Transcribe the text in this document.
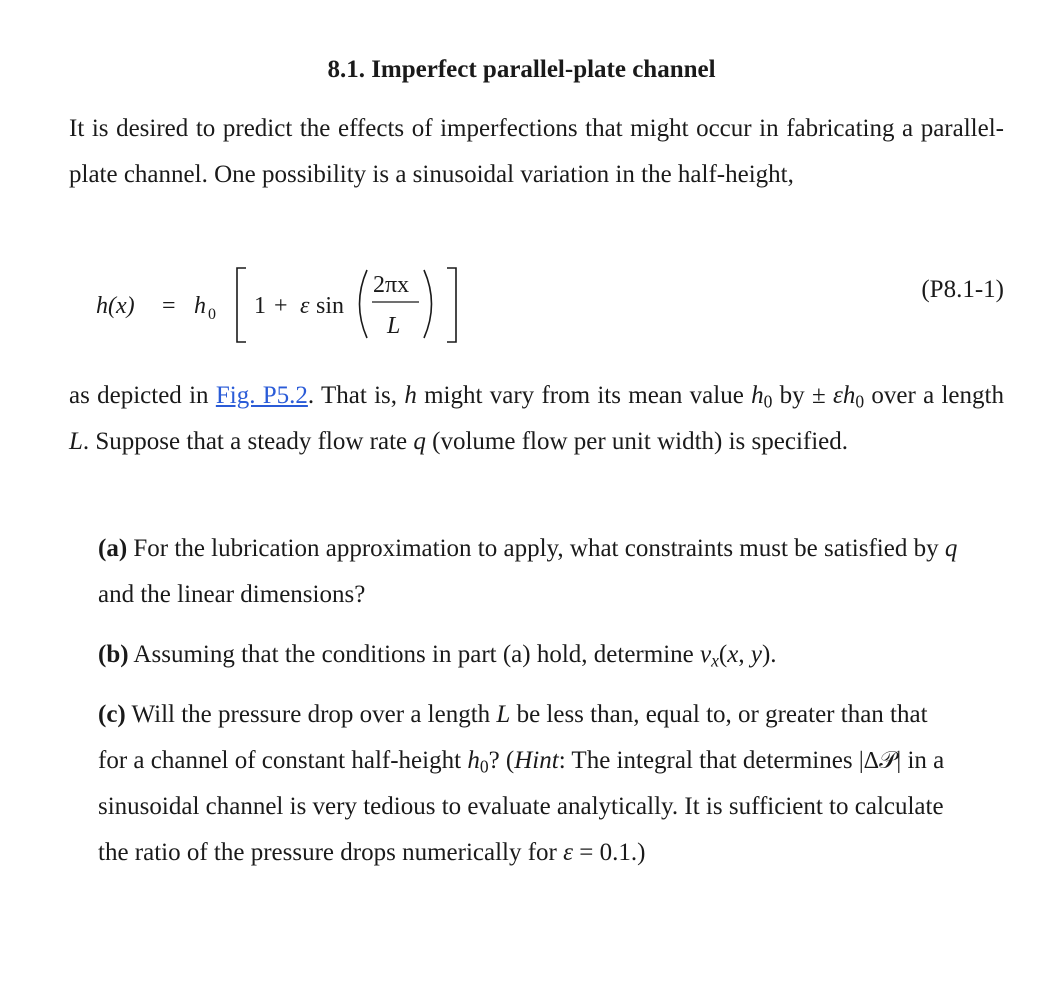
8.1. Imperfect parallel-plate channel
It is desired to predict the effects of imperfections that might occur in fabricating a parallel-plate channel. One possibility is a sinusoidal variation in the half-height,
h(x) = h 0 1 + ε sin
2πx
L
(P8.1-1)
as depicted in Fig. P5.2. That is, h might vary from its mean value $h_0$ by ± $\varepsilon h_0$ over a length L. Suppose that a steady flow rate q (volume flow per unit width) is specified.
(a) For the lubrication approximation to apply, what constraints must be satisfied by q and the linear dimensions?
(b) Assuming that the conditions in part (a) hold, determine $v_x(x$, y).
(c) Will the pressure drop over a length L be less than, equal to, or greater than that for a channel of constant half-height $h_0$? (Hint: The integral that determines |Δ𝒫| in a sinusoidal channel is very tedious to evaluate analytically. It is sufficient to calculate the ratio of the pressure drops numerically for ε = 0.1.)
